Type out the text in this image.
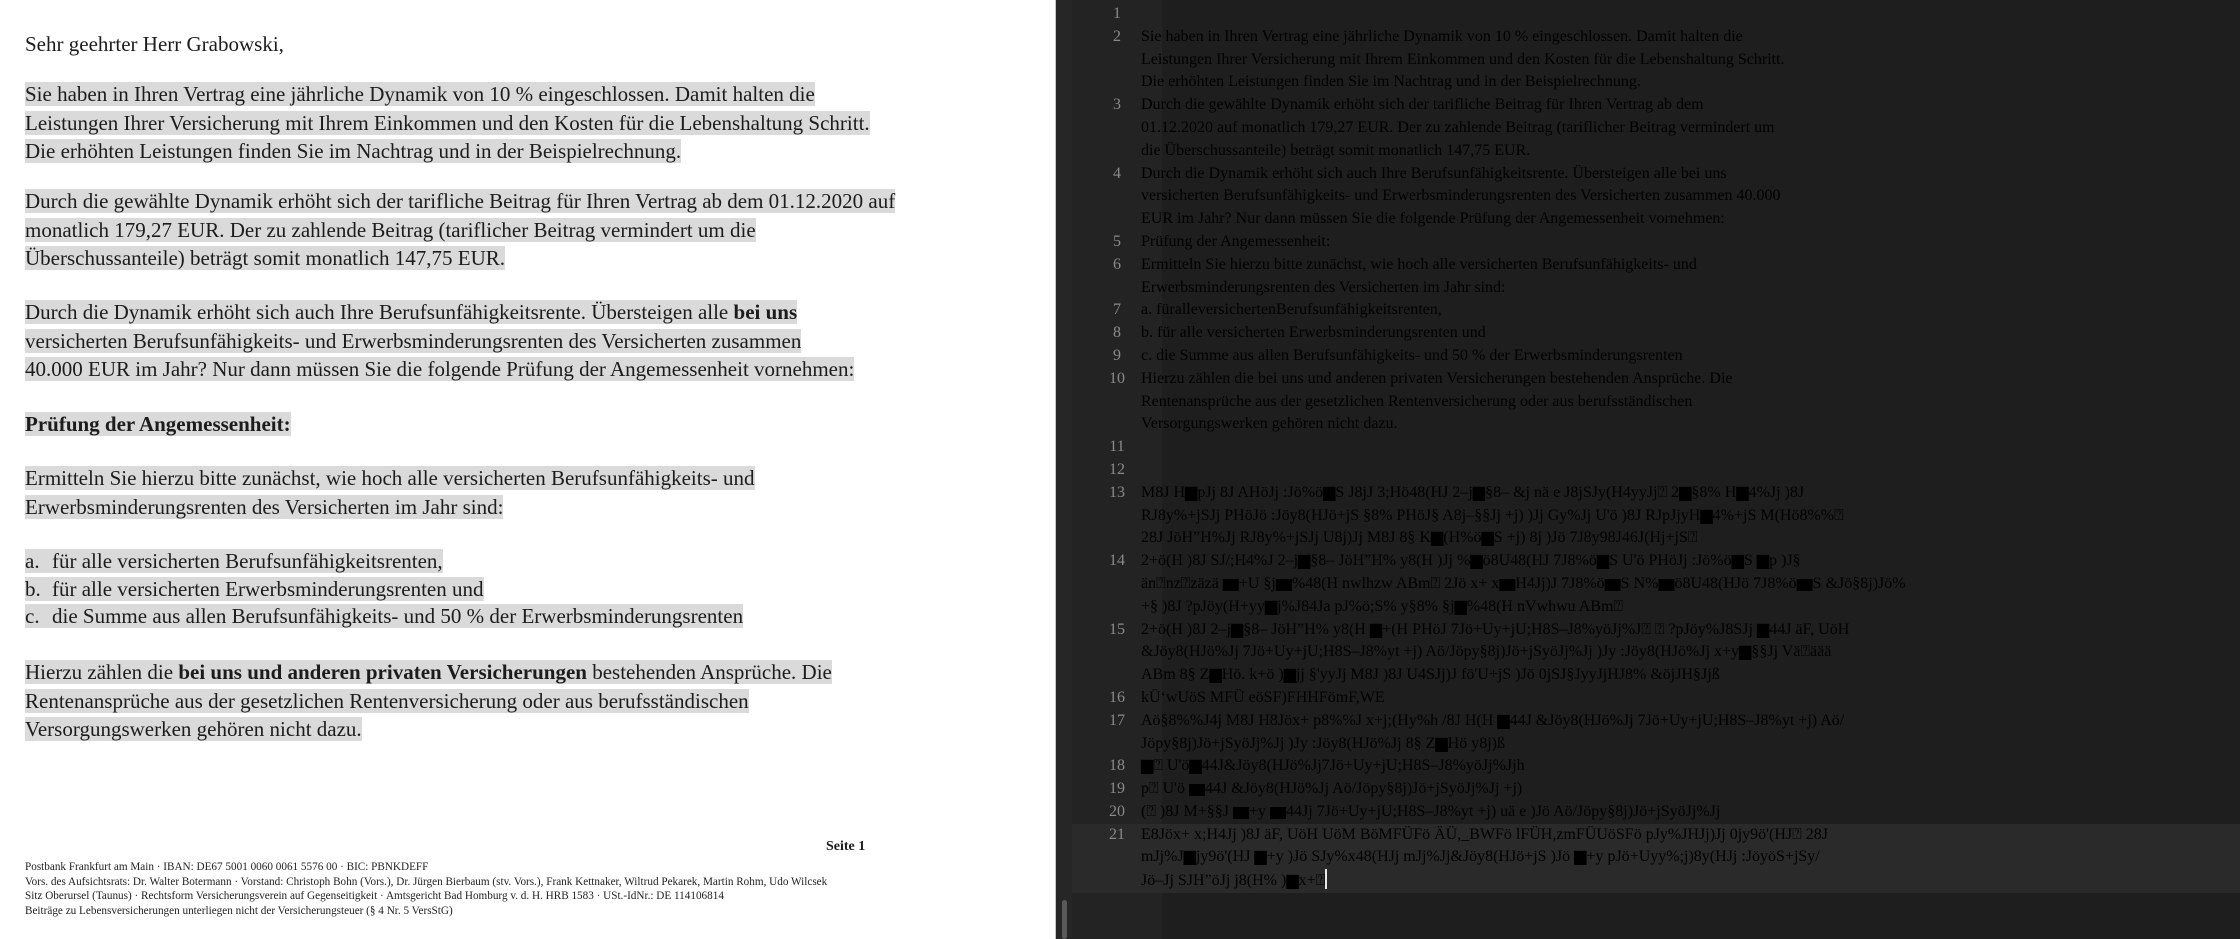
Sehr geehrter Herr Grabowski,
Sie haben in Ihren Vertrag eine jährliche Dynamik von 10 % eingeschlossen. Damit halten die
Leistungen Ihrer Versicherung mit Ihrem Einkommen und den Kosten für die Lebenshaltung Schritt.
Die erhöhten Leistungen finden Sie im Nachtrag und in der Beispielrechnung.
Durch die gewählte Dynamik erhöht sich der tarifliche Beitrag für Ihren Vertrag ab dem 01.12.2020 auf
monatlich 179,27 EUR. Der zu zahlende Beitrag (tariflicher Beitrag vermindert um die
Überschussanteile) beträgt somit monatlich 147,75 EUR.
Durch die Dynamik erhöht sich auch Ihre Berufsunfähigkeitsrente. Übersteigen alle bei uns
versicherten Berufsunfähigkeits- und Erwerbsminderungsrenten des Versicherten zusammen
40.000 EUR im Jahr? Nur dann müssen Sie die folgende Prüfung der Angemessenheit vornehmen:
Prüfung der Angemessenheit:
Ermitteln Sie hierzu bitte zunächst, wie hoch alle versicherten Berufsunfähigkeits- und
Erwerbsminderungsrenten des Versicherten im Jahr sind:
a. für alle versicherten Berufsunfähigkeitsrenten,
b. für alle versicherten Erwerbsminderungsrenten und
c. die Summe aus allen Berufsunfähigkeits- und 50 % der Erwerbsminderungsrenten
Hierzu zählen die bei uns und anderen privaten Versicherungen bestehenden Ansprüche. Die
Rentenansprüche aus der gesetzlichen Rentenversicherung oder aus berufsständischen
Versorgungswerken gehören nicht dazu.
Seite 1
Postbank Frankfurt am Main · IBAN: DE67 5001 0060 0061 5576 00 · BIC: PBNKDEFF
Vors. des Aufsichtsrats: Dr. Walter Botermann · Vorstand: Christoph Bohn (Vors.), Dr. Jürgen Bierbaum (stv. Vors.), Frank Kettnaker, Wiltrud Pekarek, Martin Rohm, Udo Wilcsek
Sitz Oberursel (Taunus) · Rechtsform Versicherungsverein auf Gegenseitigkeit · Amtsgericht Bad Homburg v. d. H. HRB 1583 · USt.-IdNr.: DE 114106814
Beiträge zu Lebensversicherungen unterliegen nicht der Versicherungsteuer (§ 4 Nr. 5 VersStG)
1

2	Sie haben in Ihren Vertrag eine jährliche Dynamik von 10 % eingeschlossen. Damit halten die
Leistungen Ihrer Versicherung mit Ihrem Einkommen und den Kosten für die Lebenshaltung Schritt.
Die erhöhten Leistungen finden Sie im Nachtrag und in der Beispielrechnung.
3	Durch die gewählte Dynamik erhöht sich der tarifliche Beitrag für Ihren Vertrag ab dem
01.12.2020 auf monatlich 179,27 EUR. Der zu zahlende Beitrag (tariflicher Beitrag vermindert um
die Überschussanteile) beträgt somit monatlich 147,75 EUR.
4	Durch die Dynamik erhöht sich auch Ihre Berufsunfähigkeitsrente. Übersteigen alle bei uns
versicherten Berufsunfähigkeits- und Erwerbsminderungsrenten des Versicherten zusammen 40.000
EUR im Jahr? Nur dann müssen Sie die folgende Prüfung der Angemessenheit vornehmen:
5	Prüfung der Angemessenheit:
6	Ermitteln Sie hierzu bitte zunächst, wie hoch alle versicherten Berufsunfähigkeits- und
Erwerbsminderungsrenten des Versicherten im Jahr sind:
7	a. füralleversichertenBerufsunfähigkeitsrenten,
8	b. für alle versicherten Erwerbsminderungsrenten und
9	c. die Summe aus allen Berufsunfähigkeits- und 50 % der Erwerbsminderungsrenten
10	Hierzu zählen die bei uns und anderen privaten Versicherungen bestehenden Ansprüche. Die
Rentenansprüche aus der gesetzlichen Rentenversicherung oder aus berufsständischen
Versorgungswerken gehören nicht dazu.
11

12

13	M8J H▆pJj 8J AHöJj :Jö%ö▆S J8jJ 3;Hö48(HJ 2–j▆§8– &j nä e J8jSJy(H4yyJj⍰ 2▆§8% H▆4%Jj )8J
RJ8y%+jSJj PHöJö :Jöy8(HJö+jS §8% PHöJ§ A8j–§§Jj +j) )Jj Gy%Jj U'ö )8J RJpJjyH▆4%+jS M(Hö8%%⍰
28J JöH”H%Jj RJ8y%+jSJj U8j)Jj M8J 8§ K▆(H%ö▆S +j) 8j )Jö 7J8y98J46J(Hj+jS⍰
14	2+ö(H )8J SJ/;H4%J 2–j▆§8– JöH”H% y8(H )Jj %▆ö8U48(HJ 7J8%ö▆S U'ö PHöJj :Jö%ö▆S ▆p )J§
än⍰nz⍰zäzä ▆+U §j▆%48(H nwlhzw ABm⍰ 2Jö x+ x▆H4Jj)J 7J8%ö▆S N%▆ö8U48(HJö 7J8%ö▆S &Jö§8j)Jö%
+§ )8J ?pJöy(H+yy▆j%J84Ja pJ%ö;S% y§8% §j▆%48(H nVwhwu ABm⍰
15	2+ö(H )8J 2–j▆§8– JöH”H% y8(H ▆+(H PHöJ 7Jö+Uy+jU;H8S–J8%yöJj%J⍰ ⍰ ?pJöy%J8SJj ▆44J äF, UöH
&Jöy8(HJö%Jj 7Jö+Uy+jU;H8S–J8%yt +j) Aö/Jöpy§8j)Jö+jSyöJj%Jj )Jy :Jöy8(HJö%Jj x+y▆§§Jj Vä⍰äää
ABm 8§ Z▆Hö. k+ö )▆jj §'yyJj M8J )8J U4SJj)J fö'U+jS )Jö 0jSJ§JyyJjHJ8% &öjJH§Jjß
16	kÜ‘wUöS MFÜ eöSF)FHHFömF,WE
17	Aö§8%%J4j M8J H8Jöx+ p8%%J x+j;(Hy%h /8J H(H ▆44J &Jöy8(HJö%Jj 7Jö+Uy+jU;H8S–J8%yt +j) Aö/
Jöpy§8j)Jö+jSyöJj%Jj )Jy :Jöy8(HJö%Jj 8§ Z▆Hö y8j)ß
18	▆⍰ U'ö▆44J&Jöy8(HJö%Jj7Jö+Uy+jU;H8S–J8%yöJj%Jjh
19	p⍰ U'ö ▆44J &Jöy8(HJö%Jj Aö/Jöpy§8j)Jö+jSyöJj%Jj +j)
20	(⍰ )8J M+§§J ▆+y ▆44Jj 7Jö+Uy+jU;H8S–J8%yt +j) uä e )Jö Aö/Jöpy§8j)Jö+jSyöJj%Jj
21	E8Jöx+ x;H4Jj )8J äF, UöH UöM BöMFÜFö ÄÜ,_BWFö lFÜH,zmFÜUöSFö pJy%JHJj)Jj 0jy9ö'(HJ⍰ 28J
mJj%J▆jy9ö'(HJ ▆+y )Jö SJy%x48(HJj mJj%Jj&Jöy8(HJö+jS )Jö ▆+y pJö+Uyy%;j)8y(HJj :JöyöS+jSy/
Jö–Jj SJH”öJj j8(H% )▆x+⍰
